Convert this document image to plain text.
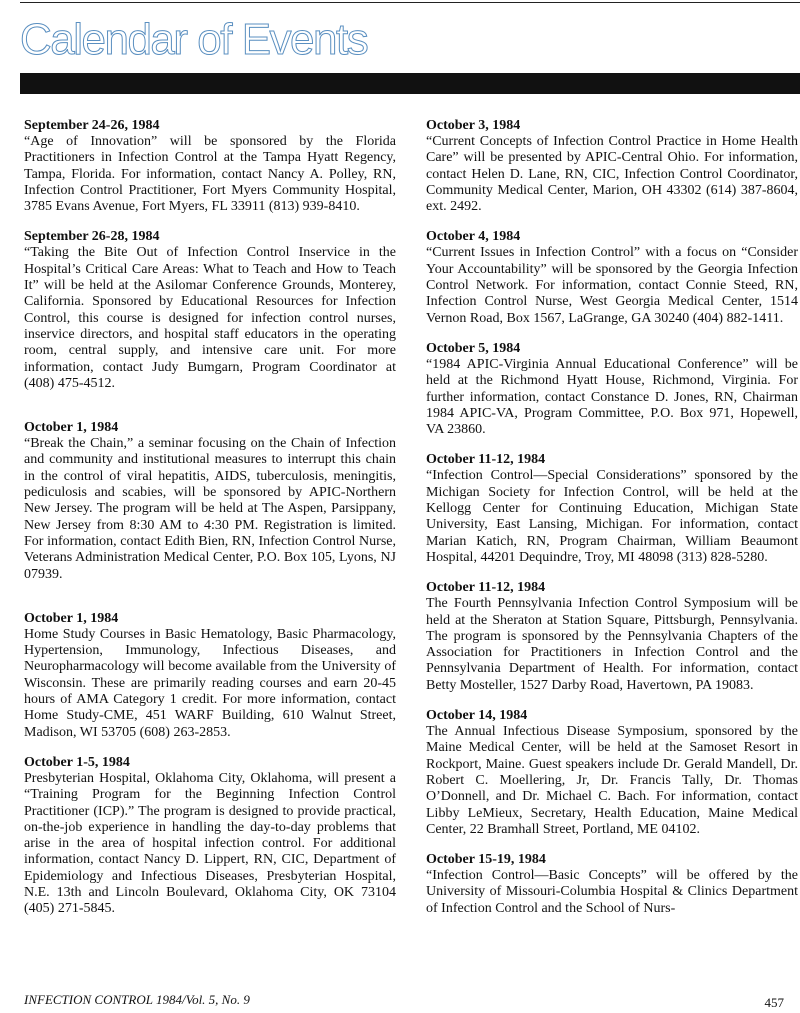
Calendar of Events

September 24-26, 1984

“Age of Innovation” will be sponsored by the Florida Practitioners in Infection Control at the Tampa Hyatt Regency, Tampa, Florida. For information, contact Nancy A. Polley, RN, Infection Control Practitioner, Fort Myers Community Hospital, 3785 Evans Avenue, Fort Myers, FL 33911 (813) 939-8410.

September 26-28, 1984

“Taking the Bite Out of Infection Control Inservice in the Hospital’s Critical Care Areas: What to Teach and How to Teach It” will be held at the Asilomar Conference Grounds, Monterey, California. Sponsored by Educational Resources for Infection Control, this course is designed for infection control nurses, inservice directors, and hospital staff educators in the operating room, central supply, and intensive care unit. For more information, contact Judy Bumgarn, Program Coordinator at (408) 475-4512.

October 1, 1984

“Break the Chain,” a seminar focusing on the Chain of Infection and community and institutional measures to interrupt this chain in the control of viral hepatitis, AIDS, tuberculosis, meningitis, pediculosis and scabies, will be sponsored by APIC-Northern New Jersey. The program will be held at The Aspen, Parsippany, New Jersey from 8:30 AM to 4:30 PM. Registration is limited. For information, contact Edith Bien, RN, Infection Control Nurse, Veterans Administration Medical Center, P.O. Box 105, Lyons, NJ 07939.

October 1, 1984

Home Study Courses in Basic Hematology, Basic Pharmacology, Hypertension, Immunology, Infectious Diseases, and Neuropharmacology will become available from the University of Wisconsin. These are primarily reading courses and earn 20-45 hours of AMA Category 1 credit. For more information, contact Home Study-CME, 451 WARF Building, 610 Walnut Street, Madison, WI 53705 (608) 263-2853.

October 1-5, 1984

Presbyterian Hospital, Oklahoma City, Oklahoma, will present a “Training Program for the Beginning Infection Control Practitioner (ICP).” The program is designed to provide practical, on-the-job experience in handling the day-to-day problems that arise in the area of hospital infection control. For additional information, contact Nancy D. Lippert, RN, CIC, Department of Epidemiology and Infectious Diseases, Presbyterian Hospital, N.E. 13th and Lincoln Boulevard, Oklahoma City, OK 73104 (405) 271-5845.

October 3, 1984

“Current Concepts of Infection Control Practice in Home Health Care” will be presented by APIC-Central Ohio. For information, contact Helen D. Lane, RN, CIC, Infection Control Coordinator, Community Medical Center, Marion, OH 43302 (614) 387-8604, ext. 2492.

October 4, 1984

“Current Issues in Infection Control” with a focus on “Consider Your Accountability” will be sponsored by the Georgia Infection Control Network. For information, contact Connie Steed, RN, Infection Control Nurse, West Georgia Medical Center, 1514 Vernon Road, Box 1567, LaGrange, GA 30240 (404) 882-1411.

October 5, 1984

“1984 APIC-Virginia Annual Educational Conference” will be held at the Richmond Hyatt House, Richmond, Virginia. For further information, contact Constance D. Jones, RN, Chairman 1984 APIC-VA, Program Committee, P.O. Box 971, Hopewell, VA 23860.

October 11-12, 1984

“Infection Control—Special Considerations” sponsored by the Michigan Society for Infection Control, will be held at the Kellogg Center for Continuing Education, Michigan State University, East Lansing, Michigan. For information, contact Marian Katich, RN, Program Chairman, William Beaumont Hospital, 44201 Dequindre, Troy, MI 48098 (313) 828-5280.

October 11-12, 1984

The Fourth Pennsylvania Infection Control Symposium will be held at the Sheraton at Station Square, Pittsburgh, Pennsylvania. The program is sponsored by the Pennsylvania Chapters of the Association for Practitioners in Infection Control and the Pennsylvania Department of Health. For information, contact Betty Mosteller, 1527 Darby Road, Havertown, PA 19083.

October 14, 1984

The Annual Infectious Disease Symposium, sponsored by the Maine Medical Center, will be held at the Samoset Resort in Rockport, Maine. Guest speakers include Dr. Gerald Mandell, Dr. Robert C. Moellering, Jr, Dr. Francis Tally, Dr. Thomas O’Donnell, and Dr. Michael C. Bach. For information, contact Libby LeMieux, Secretary, Health Education, Maine Medical Center, 22 Bramhall Street, Portland, ME 04102.

October 15-19, 1984

“Infection Control—Basic Concepts” will be offered by the University of Missouri-Columbia Hospital & Clinics Department of Infection Control and the School of Nurs-

INFECTION CONTROL 1984/Vol. 5, No. 9	457
